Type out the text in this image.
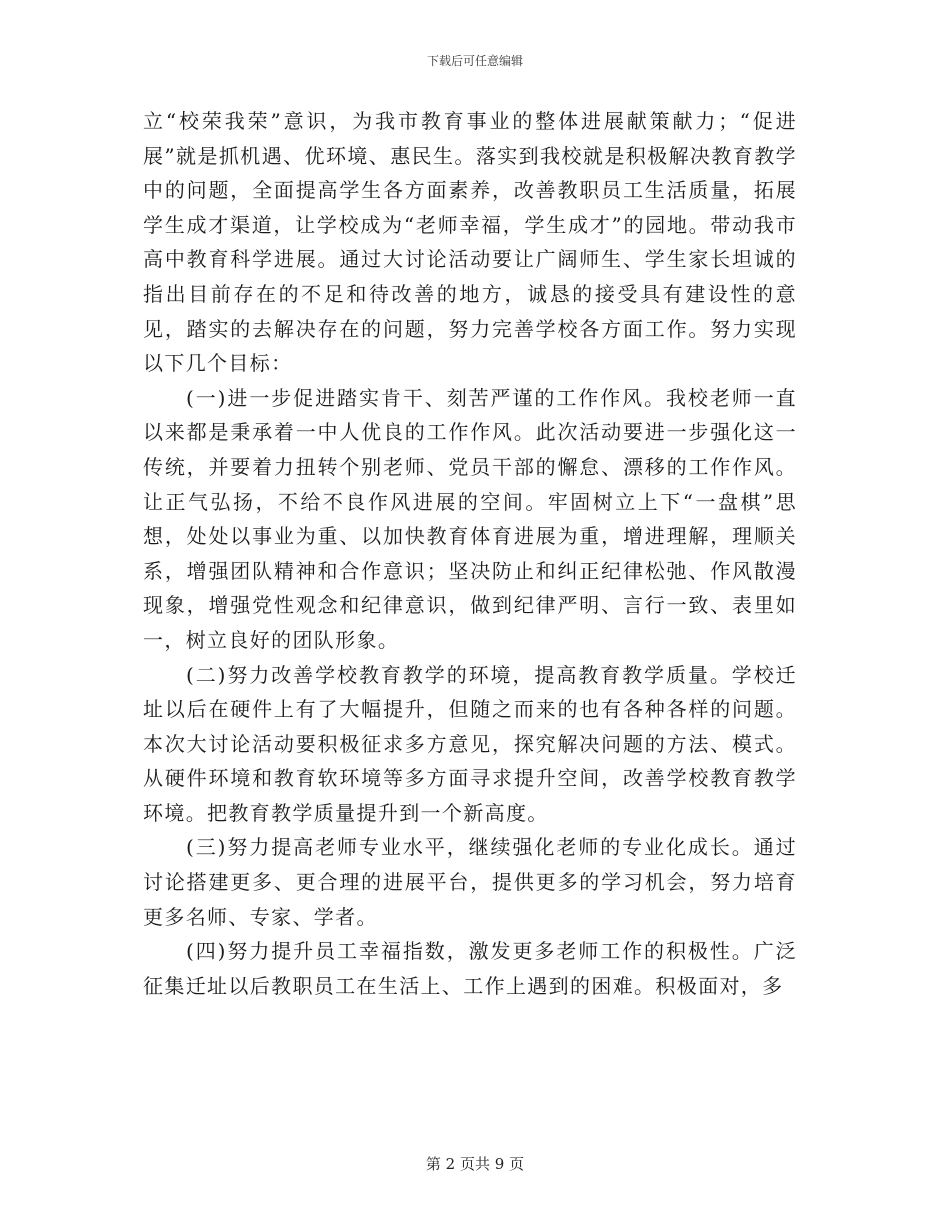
下载后可任意编辑

立“校荣我荣”意识，为我市教育事业的整体进展献策献力；“促进展”就是抓机遇、优环境、惠民生。落实到我校就是积极解决教育教学中的问题，全面提高学生各方面素养，改善教职员工生活质量，拓展学生成才渠道，让学校成为“老师幸福，学生成才”的园地。带动我市高中教育科学进展。通过大讨论活动要让广阔师生、学生家长坦诚的指出目前存在的不足和待改善的地方，诚恳的接受具有建设性的意见，踏实的去解决存在的问题，努力完善学校各方面工作。努力实现以下几个目标：

(一)进一步促进踏实肯干、刻苦严谨的工作作风。我校老师一直以来都是秉承着一中人优良的工作作风。此次活动要进一步强化这一传统，并要着力扭转个别老师、党员干部的懈怠、漂移的工作作风。让正气弘扬，不给不良作风进展的空间。牢固树立上下“一盘棋”思想，处处以事业为重、以加快教育体育进展为重，增进理解，理顺关系，增强团队精神和合作意识；坚决防止和纠正纪律松弛、作风散漫现象，增强党性观念和纪律意识，做到纪律严明、言行一致、表里如一，树立良好的团队形象。

(二)努力改善学校教育教学的环境，提高教育教学质量。学校迁址以后在硬件上有了大幅提升，但随之而来的也有各种各样的问题。本次大讨论活动要积极征求多方意见，探究解决问题的方法、模式。从硬件环境和教育软环境等多方面寻求提升空间，改善学校教育教学环境。把教育教学质量提升到一个新高度。

(三)努力提高老师专业水平，继续强化老师的专业化成长。通过讨论搭建更多、更合理的进展平台，提供更多的学习机会，努力培育更多名师、专家、学者。

(四)努力提升员工幸福指数，激发更多老师工作的积极性。广泛征集迁址以后教职员工在生活上、工作上遇到的困难。积极面对，多

第 2 页共 9 页
